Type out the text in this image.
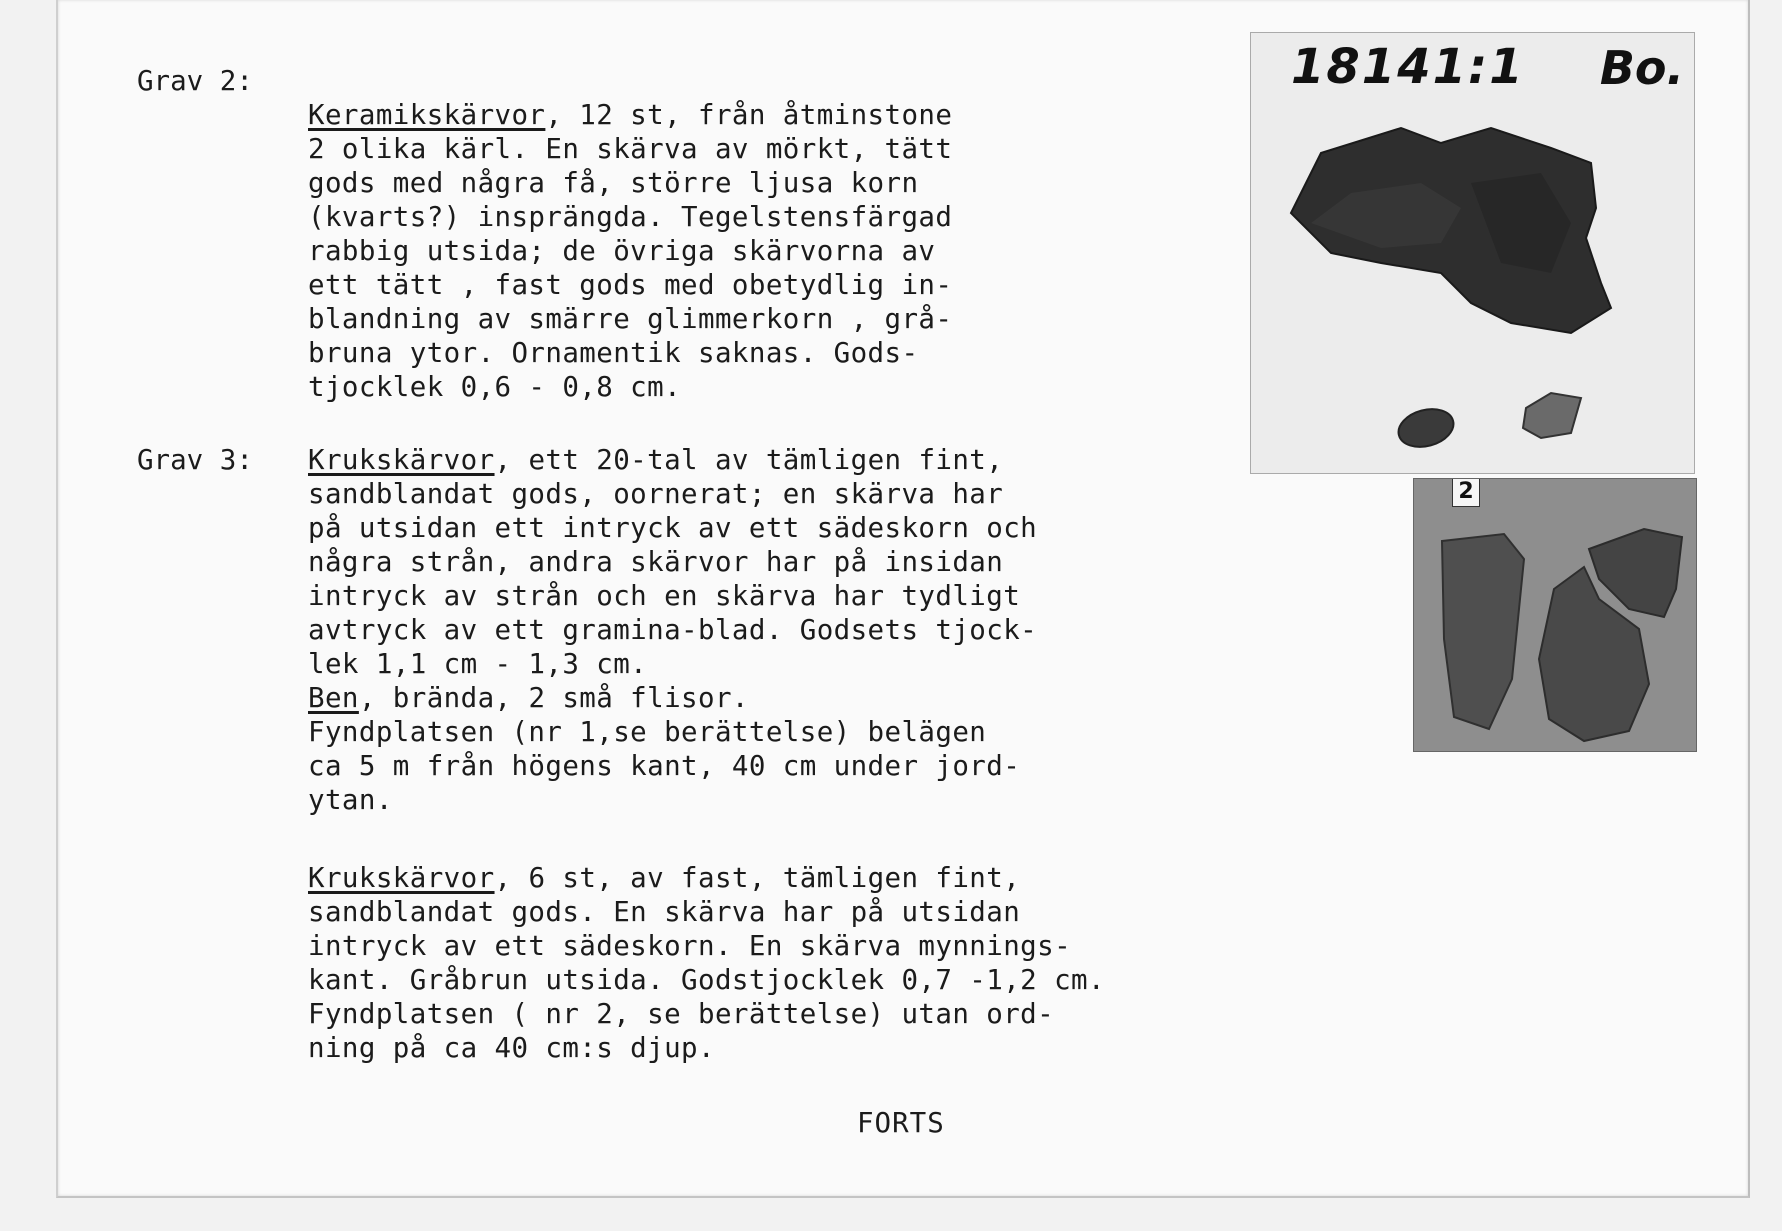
Grav 2:
Keramikskärvor, 12 st, från åtminstone
2 olika kärl. En skärva av mörkt, tätt
gods med några få, större ljusa korn
(kvarts?) insprängda. Tegelstensfärgad
rabbig utsida; de övriga skärvorna av
ett tätt , fast gods med obetydlig in-
blandning av smärre glimmerkorn , grå-
bruna ytor. Ornamentik saknas. Gods-
tjocklek 0,6 - 0,8 cm.
Grav 3: Krukskärvor, ett 20-tal av tämligen fint,
sandblandat gods, oornerat; en skärva har
på utsidan ett intryck av ett sädeskorn och
några strån, andra skärvor har på insidan
intryck av strån och en skärva har tydligt
avtryck av ett gramina-blad. Godsets tjock-
lek 1,1 cm - 1,3 cm.
Ben, brända, 2 små flisor.
Fyndplatsen (nr 1,se berättelse) belägen
ca 5 m från högens kant, 40 cm under jord-
ytan.
Krukskärvor, 6 st, av fast, tämligen fint,
sandblandat gods. En skärva har på utsidan
intryck av ett sädeskorn. En skärva mynnings-
kant. Gråbrun utsida. Godstjocklek 0,7 -1,2 cm.
Fyndplatsen ( nr 2, se berättelse) utan ord-
ning på ca 40 cm:s djup.
FORTS
18141:1 Bo.
2
